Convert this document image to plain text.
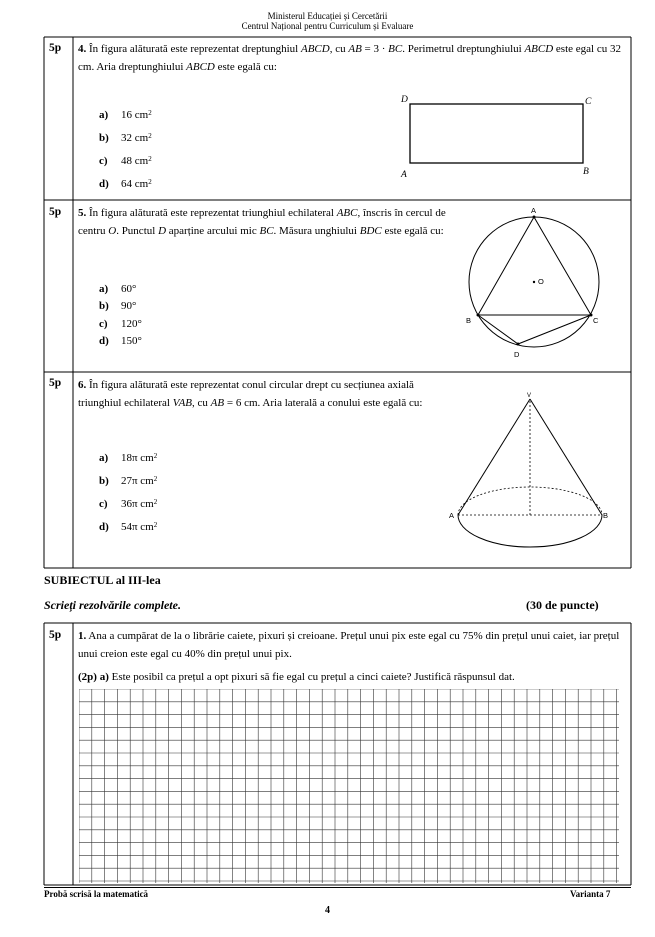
Ministerul Educației și Cercetării
Centrul Național pentru Curriculum și Evaluare
5p 4. În figura alăturată este reprezentat dreptunghiul ABCD, cu AB = 3 · BC. Perimetrul dreptunghiului ABCD este egal cu 32 cm. Aria dreptunghiului ABCD este egală cu:
a) 16 $cm^2$
b) 32 $cm^2$
c) 48 $cm^2$
d) 64 $cm^2$
D	C
A	B
5p 5. În figura alăturată este reprezentat triunghiul echilateral ABC, înscris în cercul de centru O. Punctul D aparține arcului mic BC. Măsura unghiului BDC este egală cu:
a) 60°
b) 90°
c) 120°
d) 150°
A
O
B	C
D
5p 6. În figura alăturată este reprezentat conul circular drept cu secțiunea axială triunghiul echilateral VAB, cu AB = 6 cm. Aria laterală a conului este egală cu:
a) 18π $cm^2$
b) 27π $cm^2$
c) 36π $cm^2$
d) 54π $cm^2$
V
A	B
SUBIECTUL al III-lea
Scrieți rezolvările complete.	(30 de puncte)
5p 1. Ana a cumpărat de la o librărie caiete, pixuri și creioane. Prețul unui pix este egal cu 75% din prețul unui caiet, iar prețul unui creion este egal cu 40% din prețul unui pix.
(2p) a) Este posibil ca prețul a opt pixuri să fie egal cu prețul a cinci caiete? Justifică răspunsul dat.
Probă scrisă la matematică	Varianta 7
4
